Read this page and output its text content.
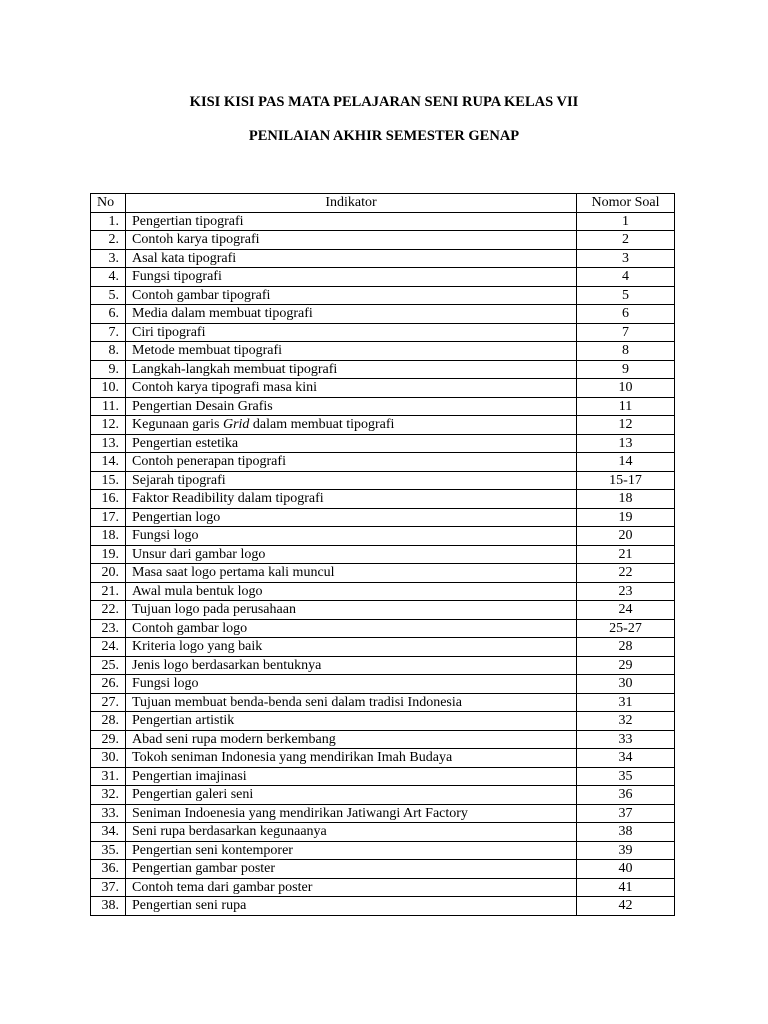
KISI KISI PAS MATA PELAJARAN SENI RUPA KELAS VII
PENILAIAN AKHIR SEMESTER GENAP
No	Indikator	Nomor Soal
1.	Pengertian tipografi	1
2.	Contoh karya tipografi	2
3.	Asal kata tipografi	3
4.	Fungsi tipografi	4
5.	Contoh gambar tipografi	5
6.	Media dalam membuat tipografi	6
7.	Ciri tipografi	7
8.	Metode membuat tipografi	8
9.	Langkah-langkah membuat tipografi	9
10.	Contoh karya tipografi masa kini	10
11.	Pengertian Desain Grafis	11
12.	Kegunaan garis Grid dalam membuat tipografi	12
13.	Pengertian estetika	13
14.	Contoh penerapan tipografi	14
15.	Sejarah tipografi	15-17
16.	Faktor Readibility dalam tipografi	18
17.	Pengertian logo	19
18.	Fungsi logo	20
19.	Unsur dari gambar logo	21
20.	Masa saat logo pertama kali muncul	22
21.	Awal mula bentuk logo	23
22.	Tujuan logo pada perusahaan	24
23.	Contoh gambar logo	25-27
24.	Kriteria logo yang baik	28
25.	Jenis logo berdasarkan bentuknya	29
26.	Fungsi logo	30
27.	Tujuan membuat benda-benda seni dalam tradisi Indonesia	31
28.	Pengertian artistik	32
29.	Abad seni rupa modern berkembang	33
30.	Tokoh seniman Indonesia yang mendirikan Imah Budaya	34
31.	Pengertian imajinasi	35
32.	Pengertian galeri seni	36
33.	Seniman Indoenesia yang mendirikan Jatiwangi Art Factory	37
34.	Seni rupa berdasarkan kegunaanya	38
35.	Pengertian seni kontemporer	39
36.	Pengertian gambar poster	40
37.	Contoh tema dari gambar poster	41
38.	Pengertian seni rupa	42
